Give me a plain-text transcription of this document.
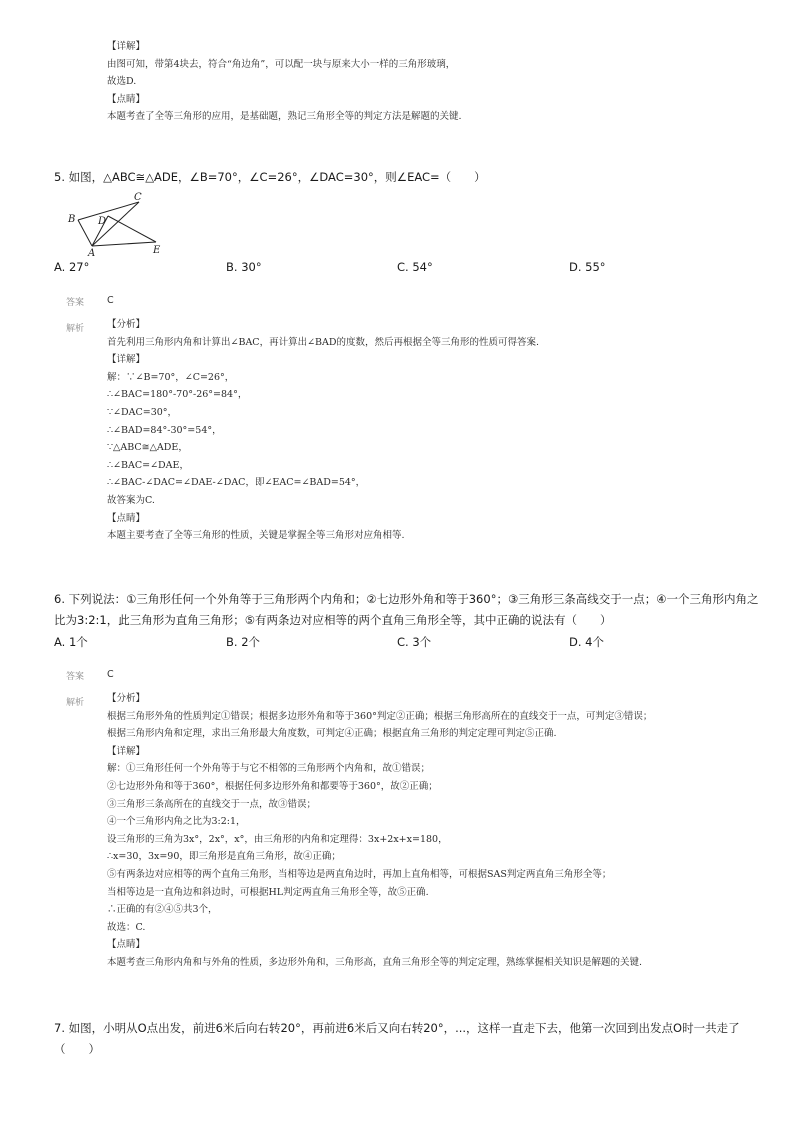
【详解】
由图可知，带第4块去，符合“角边角”，可以配一块与原来大小一样的三角形玻璃，
故选D.
【点睛】
本题考查了全等三角形的应用，是基础题，熟记三角形全等的判定方法是解题的关键.
5. 如图，△ABC≅△ADE，∠B=70°，∠C=26°，∠DAC=30°，则∠EAC=（　　）
C
B D
A	E
A. 27°	B. 30°	C. 54°	D. 55°
答案 C
解析 【分析】
首先利用三角形内角和计算出∠BAC，再计算出∠BAD的度数，然后再根据全等三角形的性质可得答案.
【详解】
解：∵∠B=70°，∠C=26°，
∴∠BAC=180°-70°-26°=84°，
∵∠DAC=30°，
∴∠BAD=84°-30°=54°，
∵△ABC≅△ADE，
∴∠BAC=∠DAE，
∴∠BAC-∠DAC=∠DAE-∠DAC，即∠EAC=∠BAD=54°，
故答案为C.
【点睛】
本题主要考查了全等三角形的性质，关键是掌握全等三角形对应角相等.
6. 下列说法：①三角形任何一个外角等于三角形两个内角和；②七边形外角和等于360°；③三角形三条高线交于一点；④一个三角形内角之
比为3:2:1，此三角形为直角三角形；⑤有两条边对应相等的两个直角三角形全等，其中正确的说法有（　　）
A. 1个	B. 2个	C. 3个	D. 4个
答案 C
解析 【分析】
根据三角形外角的性质判定①错误；根据多边形外角和等于360°判定②正确；根据三角形高所在的直线交于一点，可判定③错误；
根据三角形内角和定理，求出三角形最大角度数，可判定④正确；根据直角三角形的判定定理可判定⑤正确.
【详解】
解：①三角形任何一个外角等于与它不相邻的三角形两个内角和，故①错误；
②七边形外角和等于360°，根据任何多边形外角和都要等于360°，故②正确；
③三角形三条高所在的直线交于一点，故③错误；
④一个三角形内角之比为3:2:1，
设三角形的三角为3x°，2x°，x°，由三角形的内角和定理得：3x+2x+x=180，
∴x=30，3x=90，即三角形是直角三角形，故④正确；
⑤有两条边对应相等的两个直角三角形，当相等边是两直角边时，再加上直角相等，可根据SAS判定两直角三角形全等；
当相等边是一直角边和斜边时，可根据HL判定两直角三角形全等，故⑤正确.
∴正确的有②④⑤共3个，
故选：C.
【点睛】
本题考查三角形内角和与外角的性质，多边形外角和，三角形高，直角三角形全等的判定定理，熟练掌握相关知识是解题的关键.
7. 如图，小明从O点出发，前进6米后向右转20°，再前进6米后又向右转20°，...，这样一直走下去，他第一次回到出发点O时一共走了
（　　）
